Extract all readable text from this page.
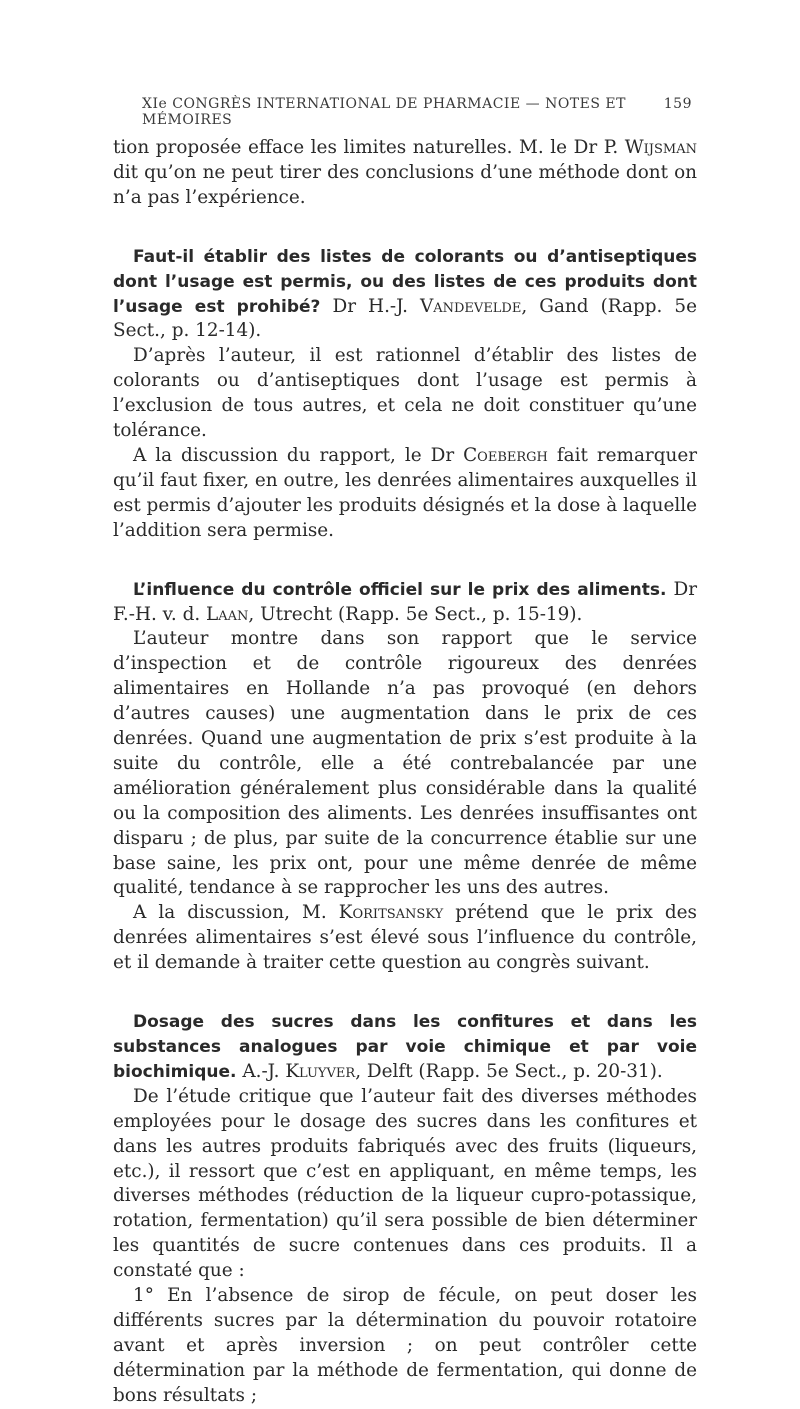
XIe CONGRÈS INTERNATIONAL DE PHARMACIE — NOTES ET MÉMOIRES
159

tion proposée efface les limites naturelles. M. le Dr P. Wijsman dit qu’on ne peut tirer des conclusions d’une méthode dont on n’a pas l’expérience.

Faut-il établir des listes de colorants ou d’antiseptiques dont l’usage est permis, ou des listes de ces produits dont l’usage est prohibé? Dr H.-J. Vandevelde, Gand (Rapp. 5e Sect., p. 12-14).

D’après l’auteur, il est rationnel d’établir des listes de colorants ou d’antiseptiques dont l’usage est permis à l’exclusion de tous autres, et cela ne doit constituer qu’une tolérance.

A la discussion du rapport, le Dr Coebergh fait remarquer qu’il faut fixer, en outre, les denrées alimentaires auxquelles il est permis d’ajouter les produits désignés et la dose à laquelle l’addition sera permise.

L’influence du contrôle officiel sur le prix des aliments. Dr F.-H. v. d. Laan, Utrecht (Rapp. 5e Sect., p. 15-19).

L’auteur montre dans son rapport que le service d’inspection et de contrôle rigoureux des denrées alimentaires en Hollande n’a pas provoqué (en dehors d’autres causes) une augmentation dans le prix de ces denrées. Quand une augmentation de prix s’est produite à la suite du contrôle, elle a été contrebalancée par une amélioration généralement plus considérable dans la qualité ou la composition des aliments. Les denrées insuffisantes ont disparu ; de plus, par suite de la concurrence établie sur une base saine, les prix ont, pour une même denrée de même qualité, tendance à se rapprocher les uns des autres.

A la discussion, M. Koritsansky prétend que le prix des denrées alimentaires s’est élevé sous l’influence du contrôle, et il demande à traiter cette question au congrès suivant.

Dosage des sucres dans les confitures et dans les substances analogues par voie chimique et par voie biochimique. A.-J. Kluyver, Delft (Rapp. 5e Sect., p. 20-31).

De l’étude critique que l’auteur fait des diverses méthodes employées pour le dosage des sucres dans les confitures et dans les autres produits fabriqués avec des fruits (liqueurs, etc.), il ressort que c’est en appliquant, en même temps, les diverses méthodes (réduction de la liqueur cupro-potassique, rotation, fermentation) qu’il sera possible de bien déterminer les quantités de sucre contenues dans ces produits. Il a constaté que :

1° En l’absence de sirop de fécule, on peut doser les différents sucres par la détermination du pouvoir rotatoire avant et après inversion ; on peut contrôler cette détermination par la méthode de fermentation, qui donne de bons résultats ;
